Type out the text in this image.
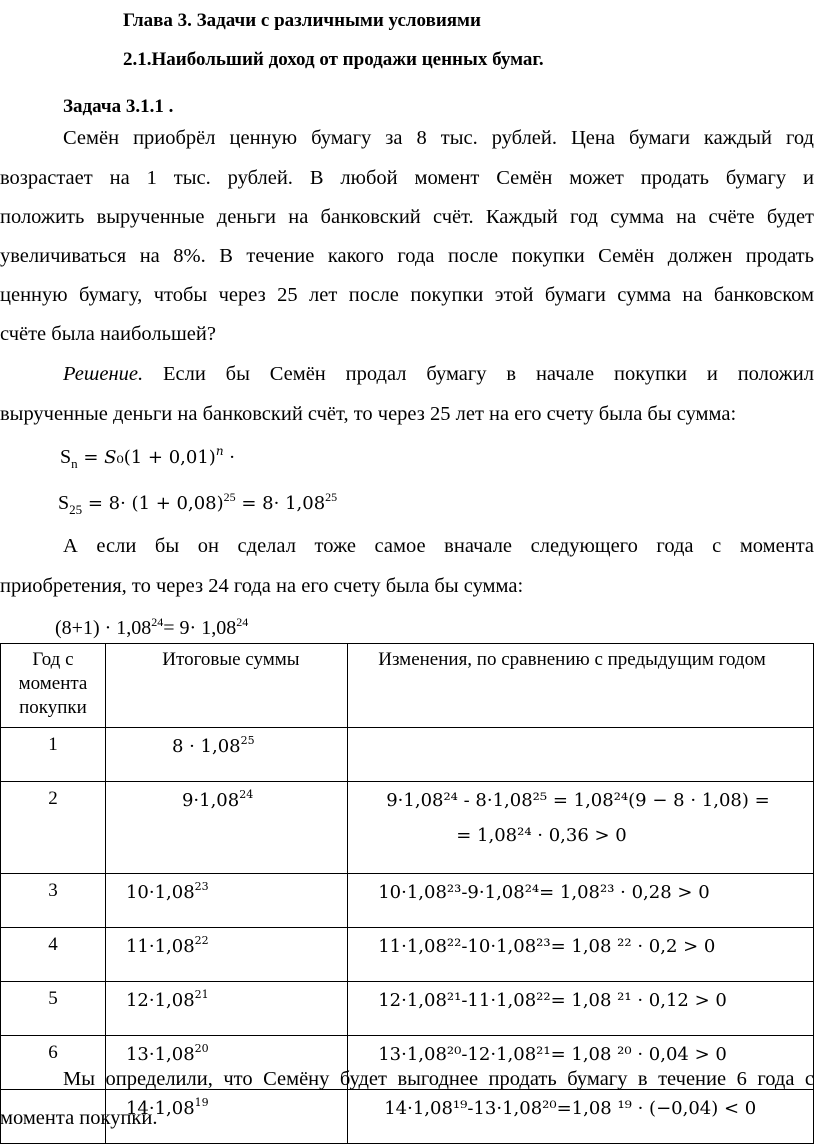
Глава 3. Задачи с различными условиями
2.1.Наибольший доход от продажи ценных бумаг.
Задача 3.1.1 .
Семён приобрёл ценную бумагу за 8 тыс. рублей. Цена бумаги каждый год
возрастает на 1 тыс. рублей. В любой момент Семён может продать бумагу и
положить вырученные деньги на банковский счёт. Каждый год сумма на счёте будет
увеличиваться на 8%. В течение какого года после покупки Семён должен продать
ценную бумагу, чтобы через 25 лет после покупки этой бумаги сумма на банковском
счёте была наибольшей?
Решение. Если бы Семён продал бумагу в начале покупки и положил
вырученные деньги на банковский счёт, то через 25 лет на его счету была бы сумма:
$S_n$ = 𝑆₀(1 + 0,01)$^𝑛$ ·
$S_{25} = 8\cdot (1 + 0,08)^{25} = 8\cdot 1,08^{25}$
А если бы он сделал тоже самое вначале следующего года с момента
приобретения, то через 24 года на его счету была бы сумма:
$(8+1) \cdot 1,08^{24}= 9\cdot 1,08^{24}$
Год с момента покупки	Итоговые суммы	Изменения, по сравнению с предыдущим годом
1	$8 \cdot 1,08^{25}$	
2	$9\cdot 1,08^{24}$	9·1,08²⁴ - 8·1,08²⁵ = 1,08²⁴(9 − 8 · 1,08) =
= 1,08²⁴ · 0,36 > 0

3	$10\cdot 1,08^{23}$	10·1,08²³-9·1,08²⁴= 1,08²³ · 0,28 > 0
4	$11\cdot 1,08^{22}$	11·1,08²²-10·1,08²³= 1,08 ²² · 0,2 > 0
5	$12\cdot 1,08^{21}$	12·1,08²¹-11·1,08²²= 1,08 ²¹ · 0,12 > 0
6	$13\cdot 1,08^{20}$	13·1,08²⁰-12·1,08²¹= 1,08 ²⁰ · 0,04 > 0
	$14\cdot 1,08^{19}$	14·1,08¹⁹-13·1,08²⁰=1,08 ¹⁹ · (−0,04) < 0
Мы определили, что Семёну будет выгоднее продать бумагу в течение 6 года с
момента покупки.
